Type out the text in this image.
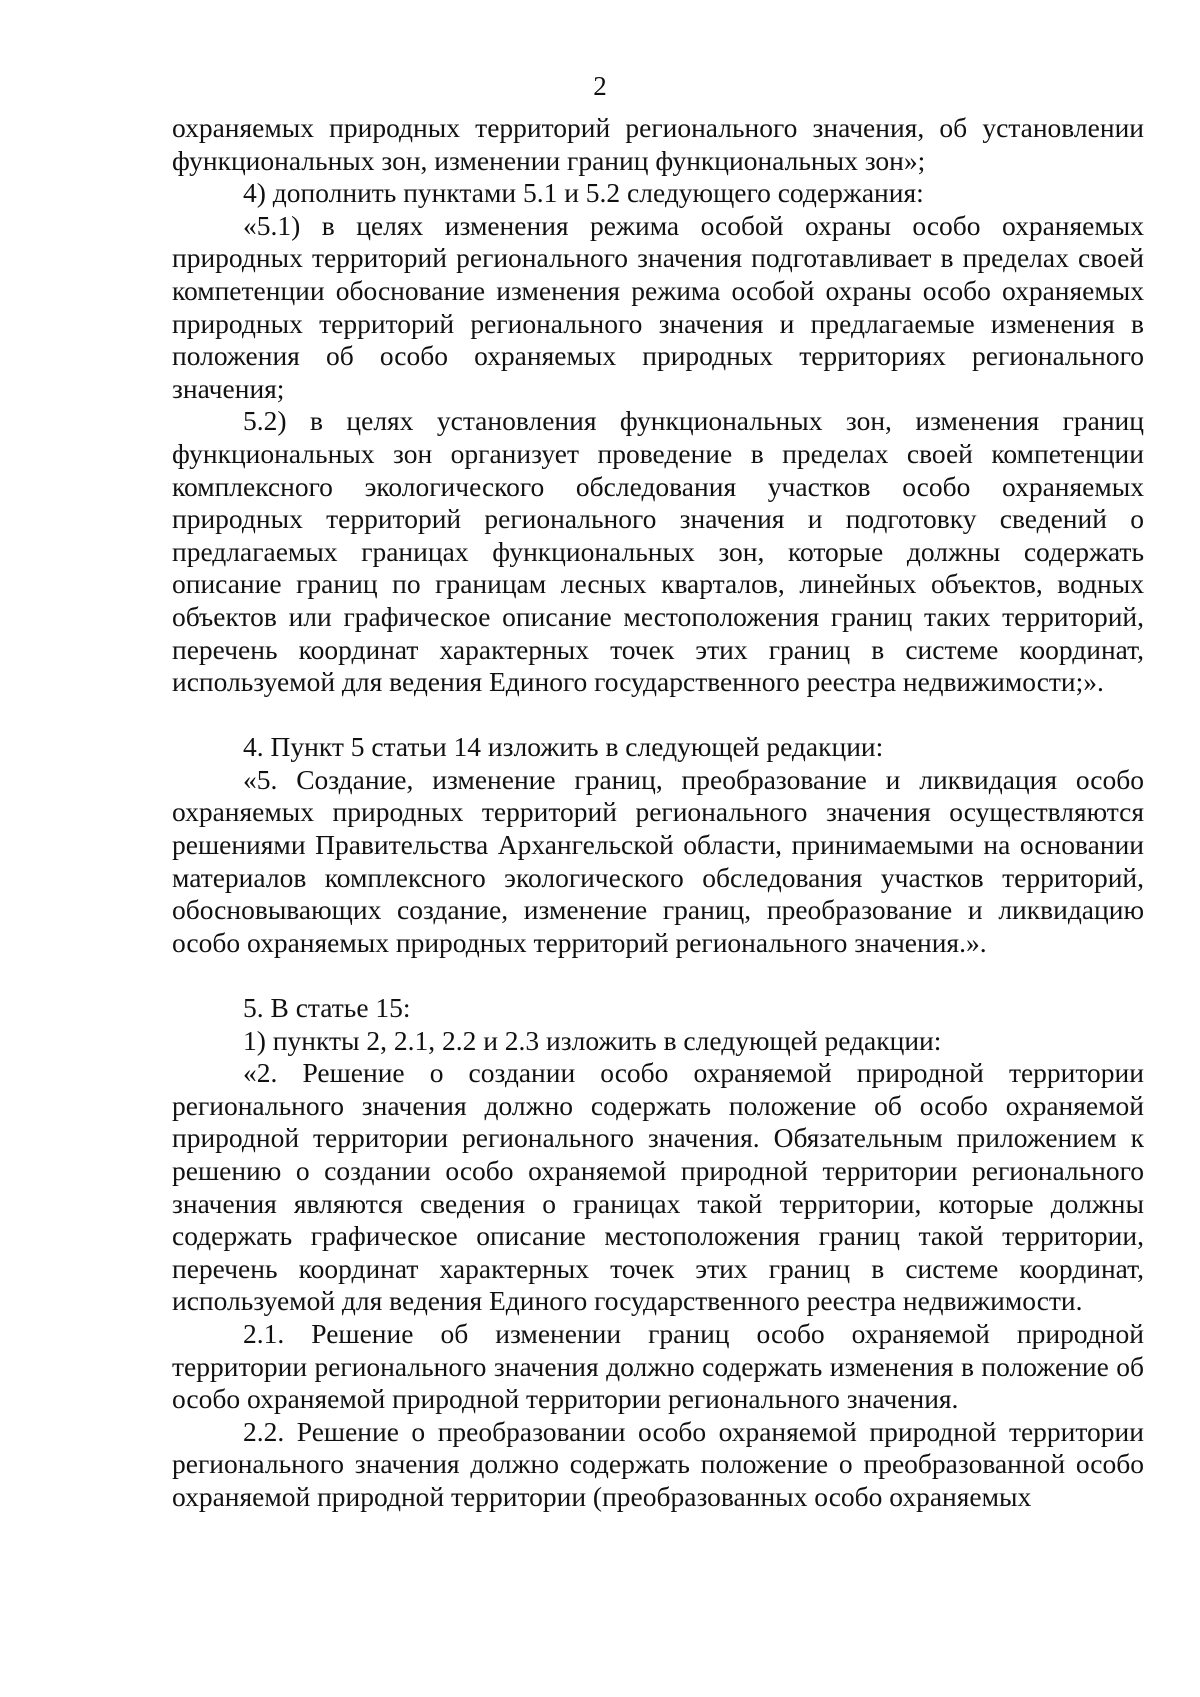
2

охраняемых природных территорий регионального значения, об установлении функциональных зон, изменении границ функциональных зон»;

4) дополнить пунктами 5.1 и 5.2 следующего содержания:

«5.1) в целях изменения режима особой охраны особо охраняемых природных территорий регионального значения подготавливает в пределах своей компетенции обоснование изменения режима особой охраны особо охраняемых природных территорий регионального значения и предлагаемые изменения в положения об особо охраняемых природных территориях регионального значения;

5.2) в целях установления функциональных зон, изменения границ функциональных зон организует проведение в пределах своей компетенции комплексного экологического обследования участков особо охраняемых природных территорий регионального значения и подготовку сведений о предлагаемых границах функциональных зон, которые должны содержать описание границ по границам лесных кварталов, линейных объектов, водных объектов или графическое описание местоположения границ таких территорий, перечень координат характерных точек этих границ в системе координат, используемой для ведения Единого государственного реестра недвижимости;».

4. Пункт 5 статьи 14 изложить в следующей редакции:

«5. Создание, изменение границ, преобразование и ликвидация особо охраняемых природных территорий регионального значения осуществляются решениями Правительства Архангельской области, принимаемыми на основании материалов комплексного экологического обследования участков территорий, обосновывающих создание, изменение границ, преобразование и ликвидацию особо охраняемых природных территорий регионального значения.».

5. В статье 15:

1) пункты 2, 2.1, 2.2 и 2.3 изложить в следующей редакции:

«2. Решение о создании особо охраняемой природной территории регионального значения должно содержать положение об особо охраняемой природной территории регионального значения. Обязательным приложением к решению о создании особо охраняемой природной территории регионального значения являются сведения о границах такой территории, которые должны содержать графическое описание местоположения границ такой территории, перечень координат характерных точек этих границ в системе координат, используемой для ведения Единого государственного реестра недвижимости.

2.1. Решение об изменении границ особо охраняемой природной территории регионального значения должно содержать изменения в положение об особо охраняемой природной территории регионального значения.

2.2. Решение о преобразовании особо охраняемой природной территории регионального значения должно содержать положение о преобразованной особо охраняемой природной территории (преобразованных особо охраняемых
